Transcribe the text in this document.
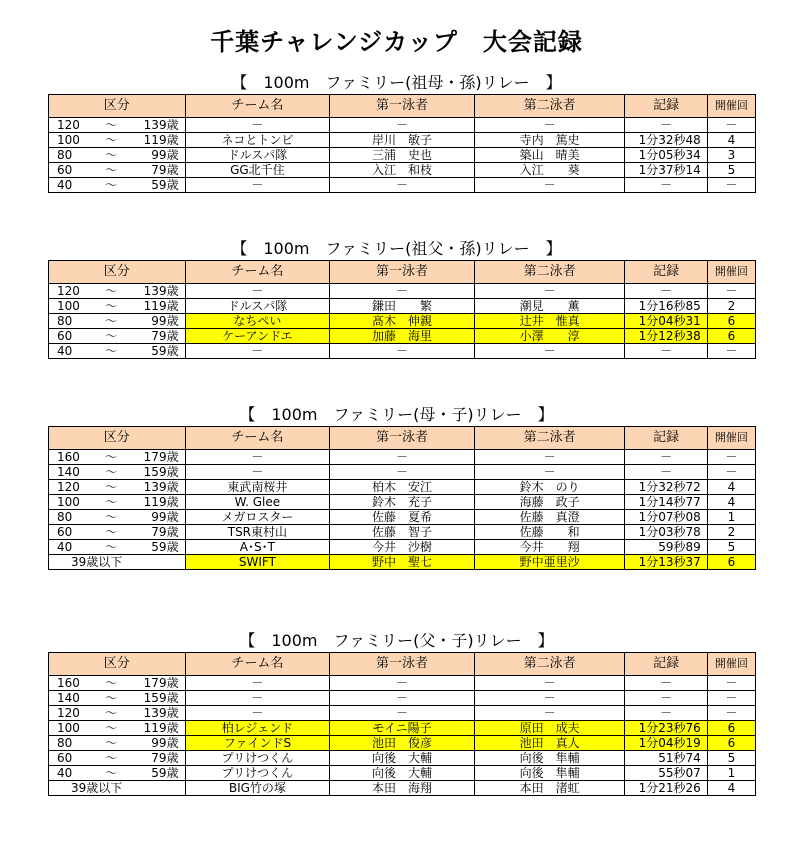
千葉チャレンジカップ　大会記録
【　100m　ファミリー(祖母・孫)リレー　】
区分	チーム名	第一泳者	第二泳者	記録	開催回

120 ～ 139歳	－	－	－	－	－

100 ～ 119歳	ネコとトンビ	岸川　敏子	寺内　篤史	1分32秒48	4

80 ～ 99歳	ドルスパ隊	三浦　史也	築山　晴美	1分05秒34	3

60 ～ 79歳	GG北千住	入江　和枝	入江　　葵	1分37秒14	5

40 ～ 59歳	－	－	－	－	－
【　100m　ファミリー(祖父・孫)リレー　】
区分	チーム名	第一泳者	第二泳者	記録	開催回

120 ～ 139歳	－	－	－	－	－

100 ～ 119歳	ドルスパ隊	鎌田　　繁	潮見　　薫	1分16秒85	2

80 ～ 99歳	なちぺい	髙木　伸親	辻井　惟真	1分04秒31	6

60 ～ 79歳	ケーアンドエ	加藤　海里	小澤　　淳	1分12秒38	6

40 ～ 59歳	－	－	－	－	－
【　100m　ファミリー(母・子)リレー　】
区分	チーム名	第一泳者	第二泳者	記録	開催回

160 ～ 179歳	－	－	－	－	－

140 ～ 159歳	－	－	－	－	－

120 ～ 139歳	東武南桜井	柏木　安江	鈴木　のり	1分32秒72	4

100 ～ 119歳	W. Glee	鈴木　充子	海藤　政子	1分14秒77	4

80 ～ 99歳	メガロスター	佐藤　夏希	佐藤　真澄	1分07秒08	1

60 ～ 79歳	TSR東村山	佐藤　智子	佐藤　　和	1分03秒78	2

40 ～ 59歳	A･S･T	今井　沙樹	今井　　翔	59秒89	5
39歳以下	SWIFT	野中　聖七	野中亜里沙	1分13秒37	6
【　100m　ファミリー(父・子)リレー　】
区分	チーム名	第一泳者	第二泳者	記録	開催回

160 ～ 179歳	－	－	－	－	－

140 ～ 159歳	－	－	－	－	－

120 ～ 139歳	－	－	－	－	－

100 ～ 119歳	柏レジェンド	モイニ陽子	原田　成夫	1分23秒76	6

80 ～ 99歳	ファインドS	池田　俊彦	池田　真人	1分04秒19	6

60 ～ 79歳	プリけつくん	向後　大輔	向後　隼輔	51秒74	5

40 ～ 59歳	プリけつくん	向後　大輔	向後　隼輔	55秒07	1
39歳以下	BIG竹の塚	本田　海翔	本田　渚虹	1分21秒26	4
